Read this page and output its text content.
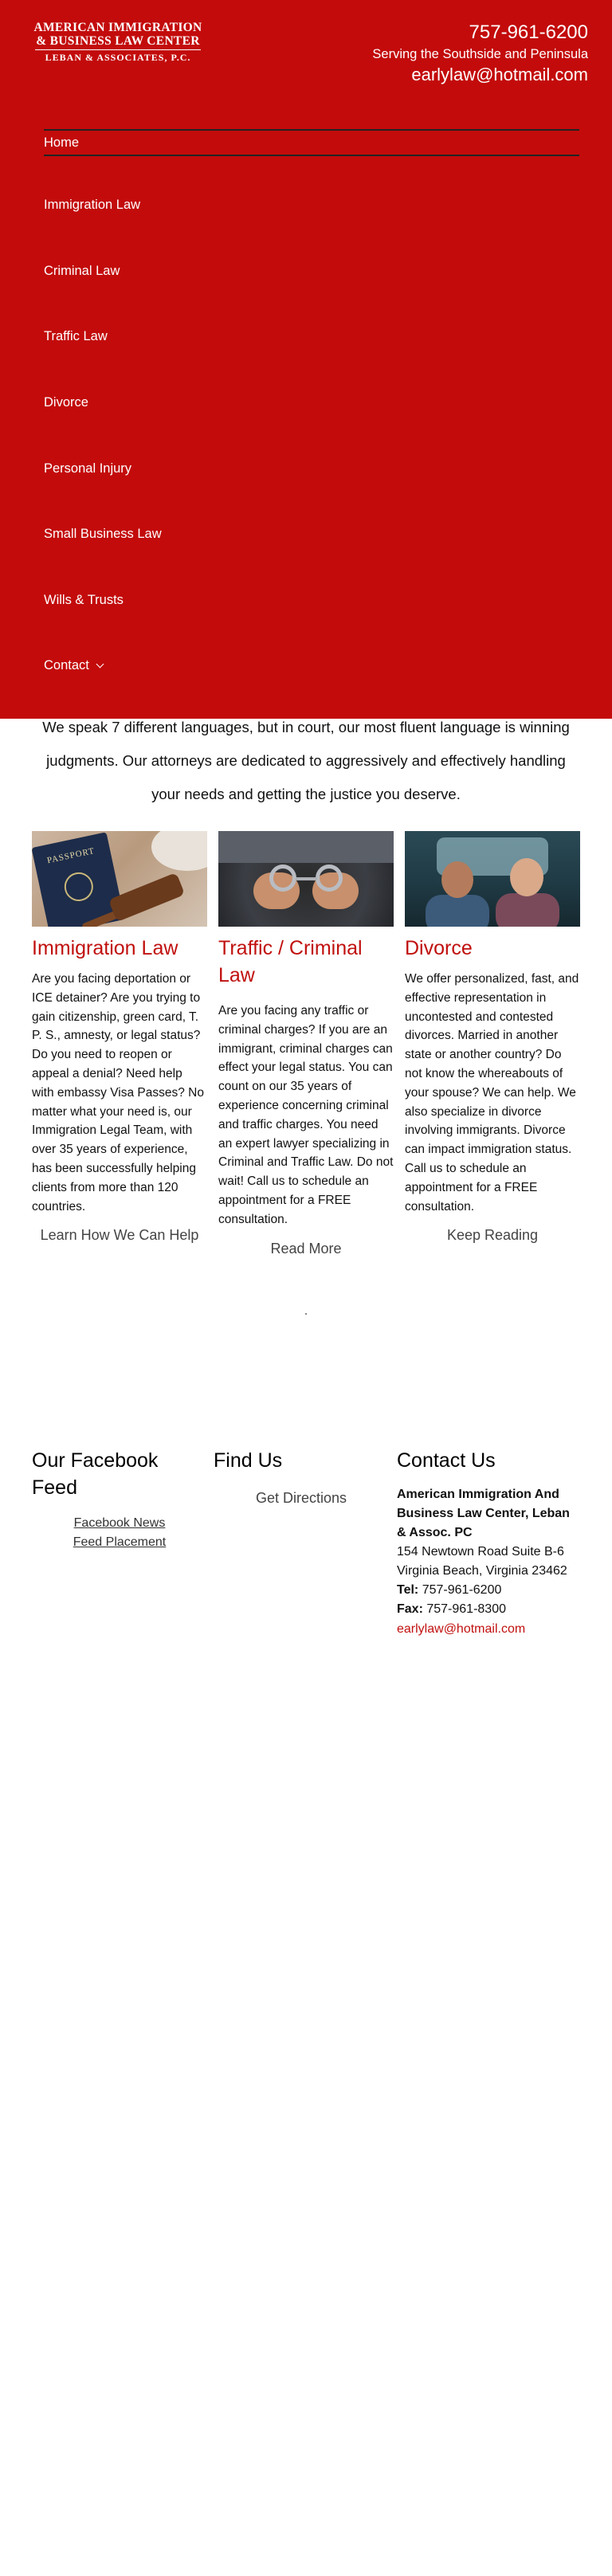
AMERICAN IMMIGRATION
& BUSINESS LAW CENTER
LEBAN & ASSOCIATES, P.C.
757-961-6200
Serving the Southside and Peninsula
earlylaw@hotmail.com
Home
Immigration Law
Criminal Law
Traffic Law
Divorce
Personal Injury
Small Business Law
Wills & Trusts
Contact
We speak 7 different languages, but in court, our most fluent language is winning judgments. Our attorneys are dedicated to aggressively and effectively handling your needs and getting the justice you deserve.
PASSPORT
Immigration Law

Are you facing deportation or ICE detainer? Are you trying to gain citizenship, green card, T. P. S., amnesty, or legal status? Do you need to reopen or appeal a denial? Need help with embassy Visa Passes? No matter what your need is, our Immigration Legal Team, with over 35 years of experience, has been successfully helping clients from more than 120 countries.

Learn How We Can Help
Traffic / Criminal Law

Are you facing any traffic or criminal charges? If you are an immigrant, criminal charges can effect your legal status. You can count on our 35 years of experience concerning criminal and traffic charges. You need an expert lawyer specializing in Criminal and Traffic Law. Do not wait! Call us to schedule an appointment for a FREE consultation.

Read More
Divorce

We offer personalized, fast, and effective representation in uncontested and contested divorces. Married in another state or another country? Do not know the whereabouts of your spouse? We can help. We also specialize in divorce involving immigrants. Divorce can impact immigration status. Call us to schedule an appointment for a FREE consultation.

Keep Reading
Our Facebook Feed
Facebook News
Feed Placement
Find Us
Get Directions
Contact Us
American Immigration And Business Law Center, Leban & Assoc. PC
154 Newtown Road Suite B-6
Virginia Beach, Virginia 23462
Tel: 757-961-6200
Fax: 757-961-8300
earlylaw@hotmail.com
